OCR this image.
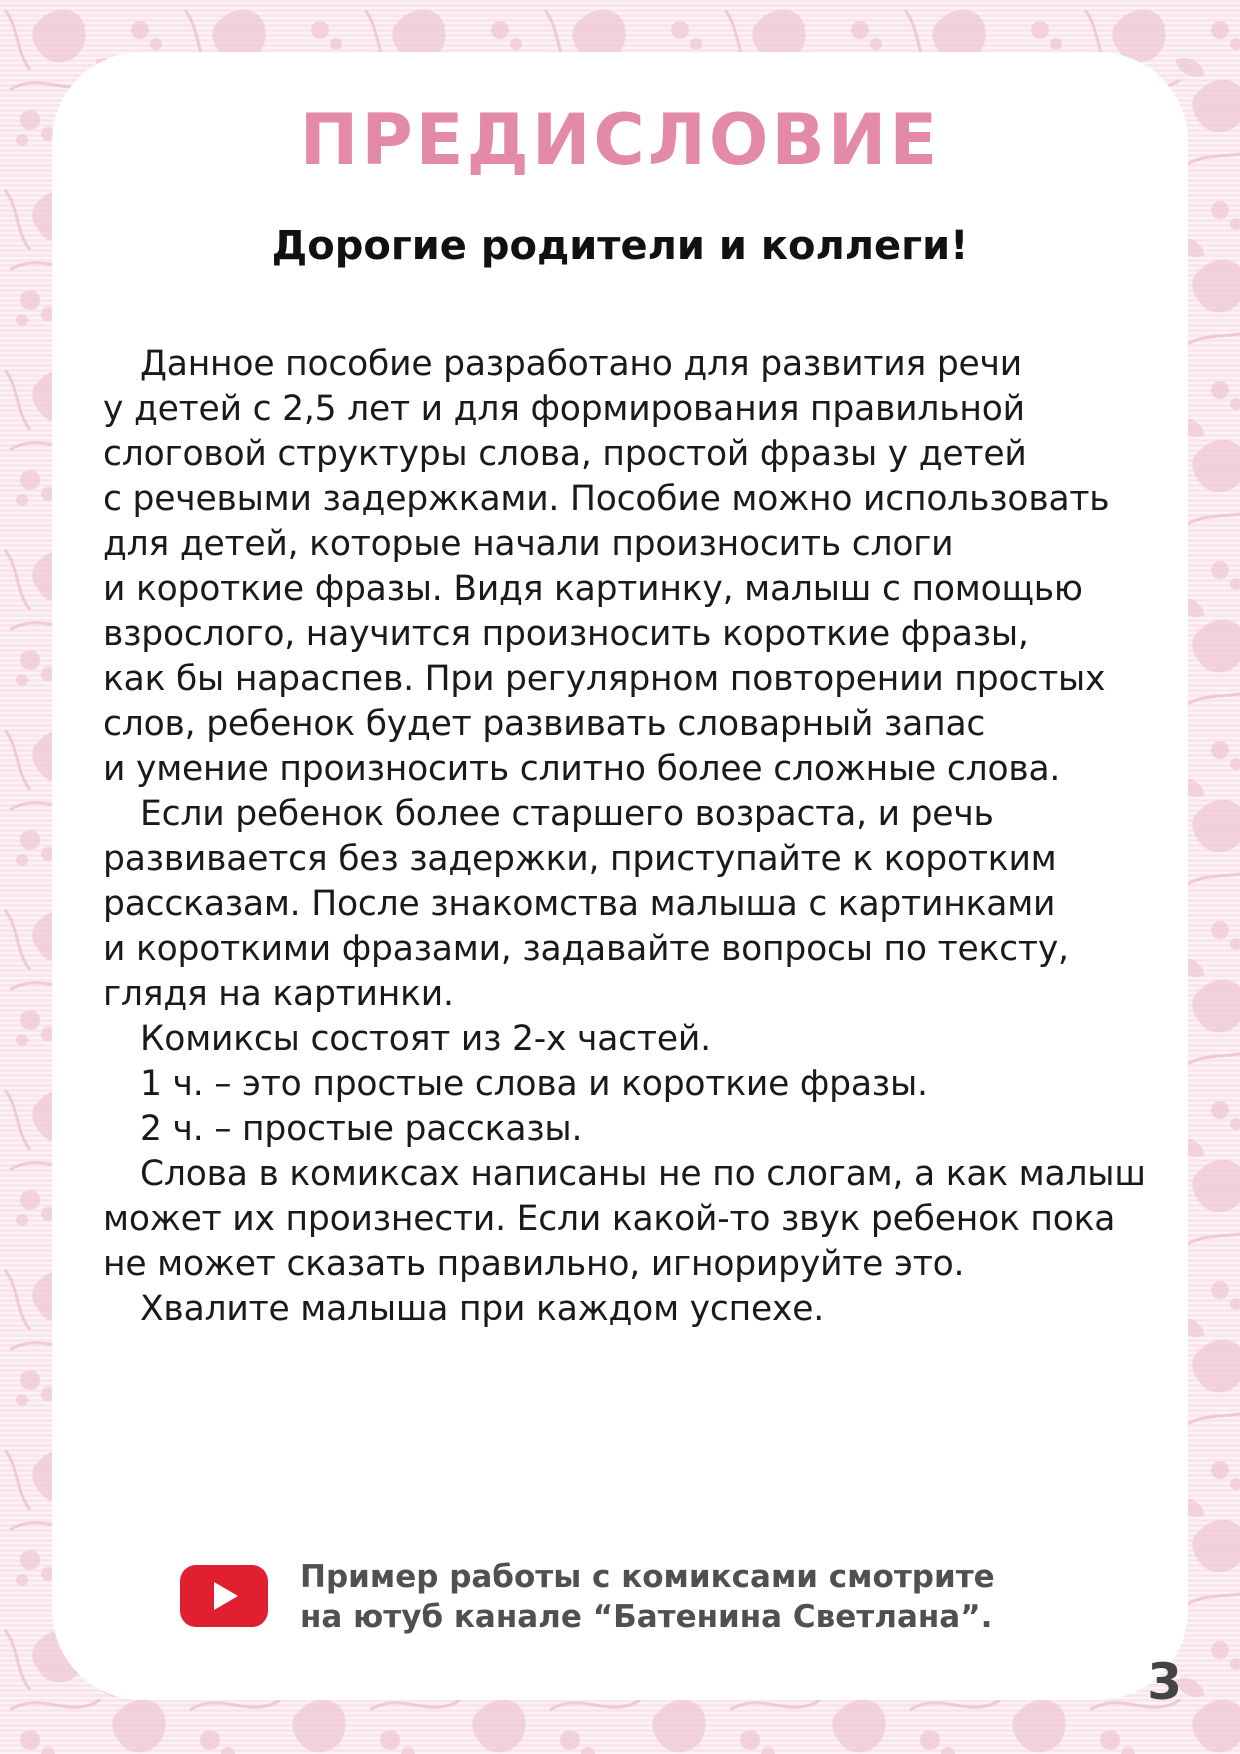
ПРЕДИСЛОВИЕ
Дорогие родители и коллеги!

Данное пособие разработано для развития речи
у детей с 2,5 лет и для формирования правильной
слоговой структуры слова, простой фразы у детей
с речевыми задержками. Пособие можно использовать
для детей, которые начали произносить слоги
и короткие фразы. Видя картинку, малыш с помощью
взрослого, научится произносить короткие фразы,
как бы нараспев. При регулярном повторении простых
слов, ребенок будет развивать словарный запас
и умение произносить слитно более сложные слова.

Если ребенок более старшего возраста, и речь
развивается без задержки, приступайте к коротким
рассказам. После знакомства малыша с картинками
и короткими фразами, задавайте вопросы по тексту,
глядя на картинки.

Комиксы состоят из 2-х частей.

1 ч. – это простые слова и короткие фразы.

2 ч. – простые рассказы.

Слова в комиксах написаны не по слогам, а как малыш
может их произнести. Если какой-то звук ребенок пока
не может сказать правильно, игнорируйте это.

Хвалите малыша при каждом успехе.

Пример работы с комиксами смотрите
на ютуб канале “Батенина Светлана”.
3
